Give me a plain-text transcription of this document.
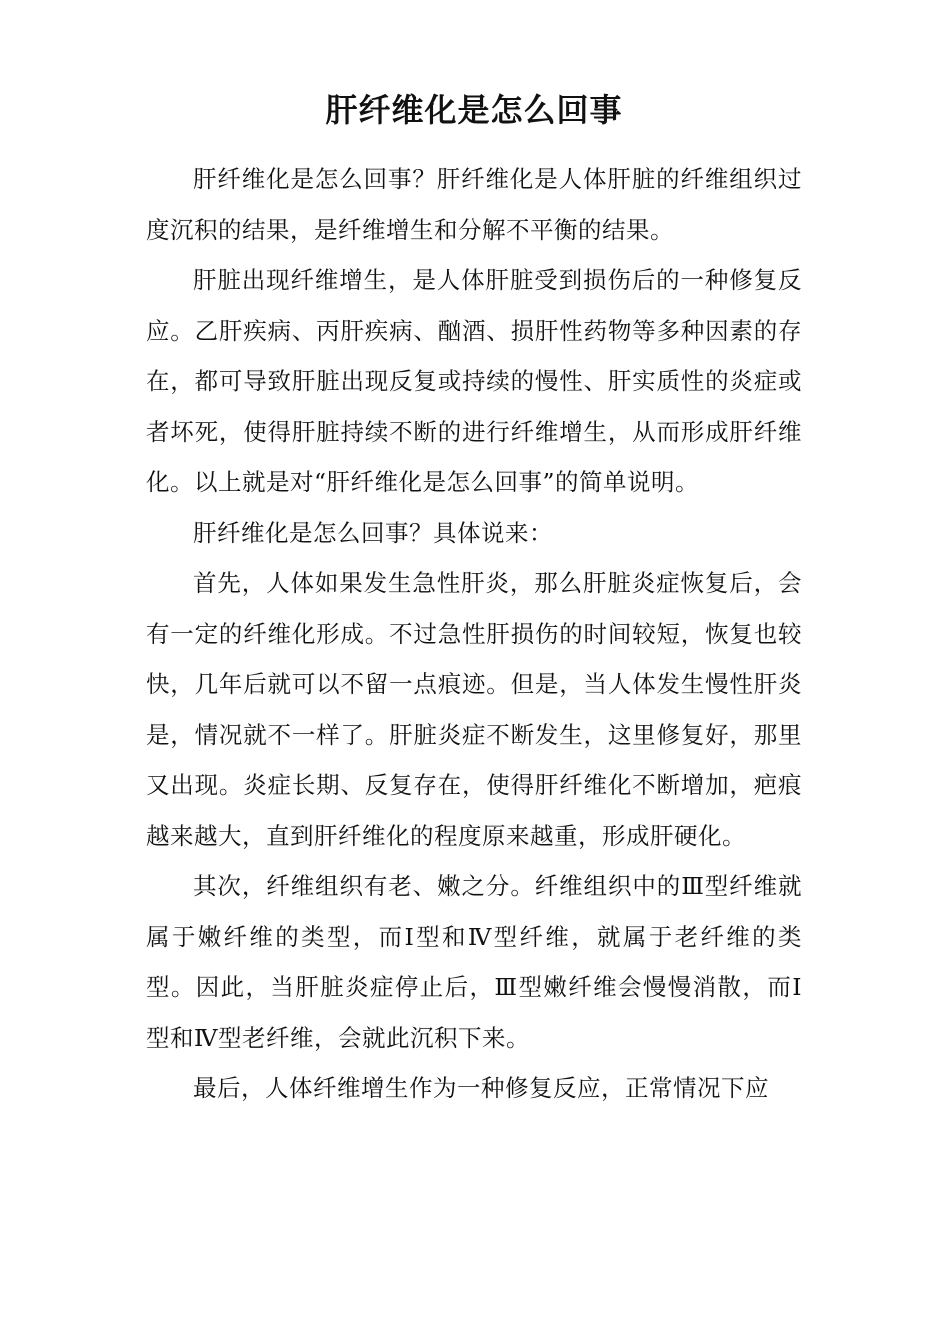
肝纤维化是怎么回事

肝纤维化是怎么回事？肝纤维化是人体肝脏的纤维组织过度沉积的结果，是纤维增生和分解不平衡的结果。

肝脏出现纤维增生，是人体肝脏受到损伤后的一种修复反应。乙肝疾病、丙肝疾病、酗酒、损肝性药物等多种因素的存在，都可导致肝脏出现反复或持续的慢性、肝实质性的炎症或者坏死，使得肝脏持续不断的进行纤维增生，从而形成肝纤维化。以上就是对“肝纤维化是怎么回事”的简单说明。

肝纤维化是怎么回事？具体说来：

首先，人体如果发生急性肝炎，那么肝脏炎症恢复后，会有一定的纤维化形成。不过急性肝损伤的时间较短，恢复也较快，几年后就可以不留一点痕迹。但是，当人体发生慢性肝炎是，情况就不一样了。肝脏炎症不断发生，这里修复好，那里又出现。炎症长期、反复存在，使得肝纤维化不断增加，疤痕越来越大，直到肝纤维化的程度原来越重，形成肝硬化。

其次，纤维组织有老、嫩之分。纤维组织中的Ⅲ型纤维就属于嫩纤维的类型，而Ⅰ型和Ⅳ型纤维，就属于老纤维的类型。因此，当肝脏炎症停止后，Ⅲ型嫩纤维会慢慢消散，而Ⅰ型和Ⅳ型老纤维，会就此沉积下来。

最后，人体纤维增生作为一种修复反应，正常情况下应
